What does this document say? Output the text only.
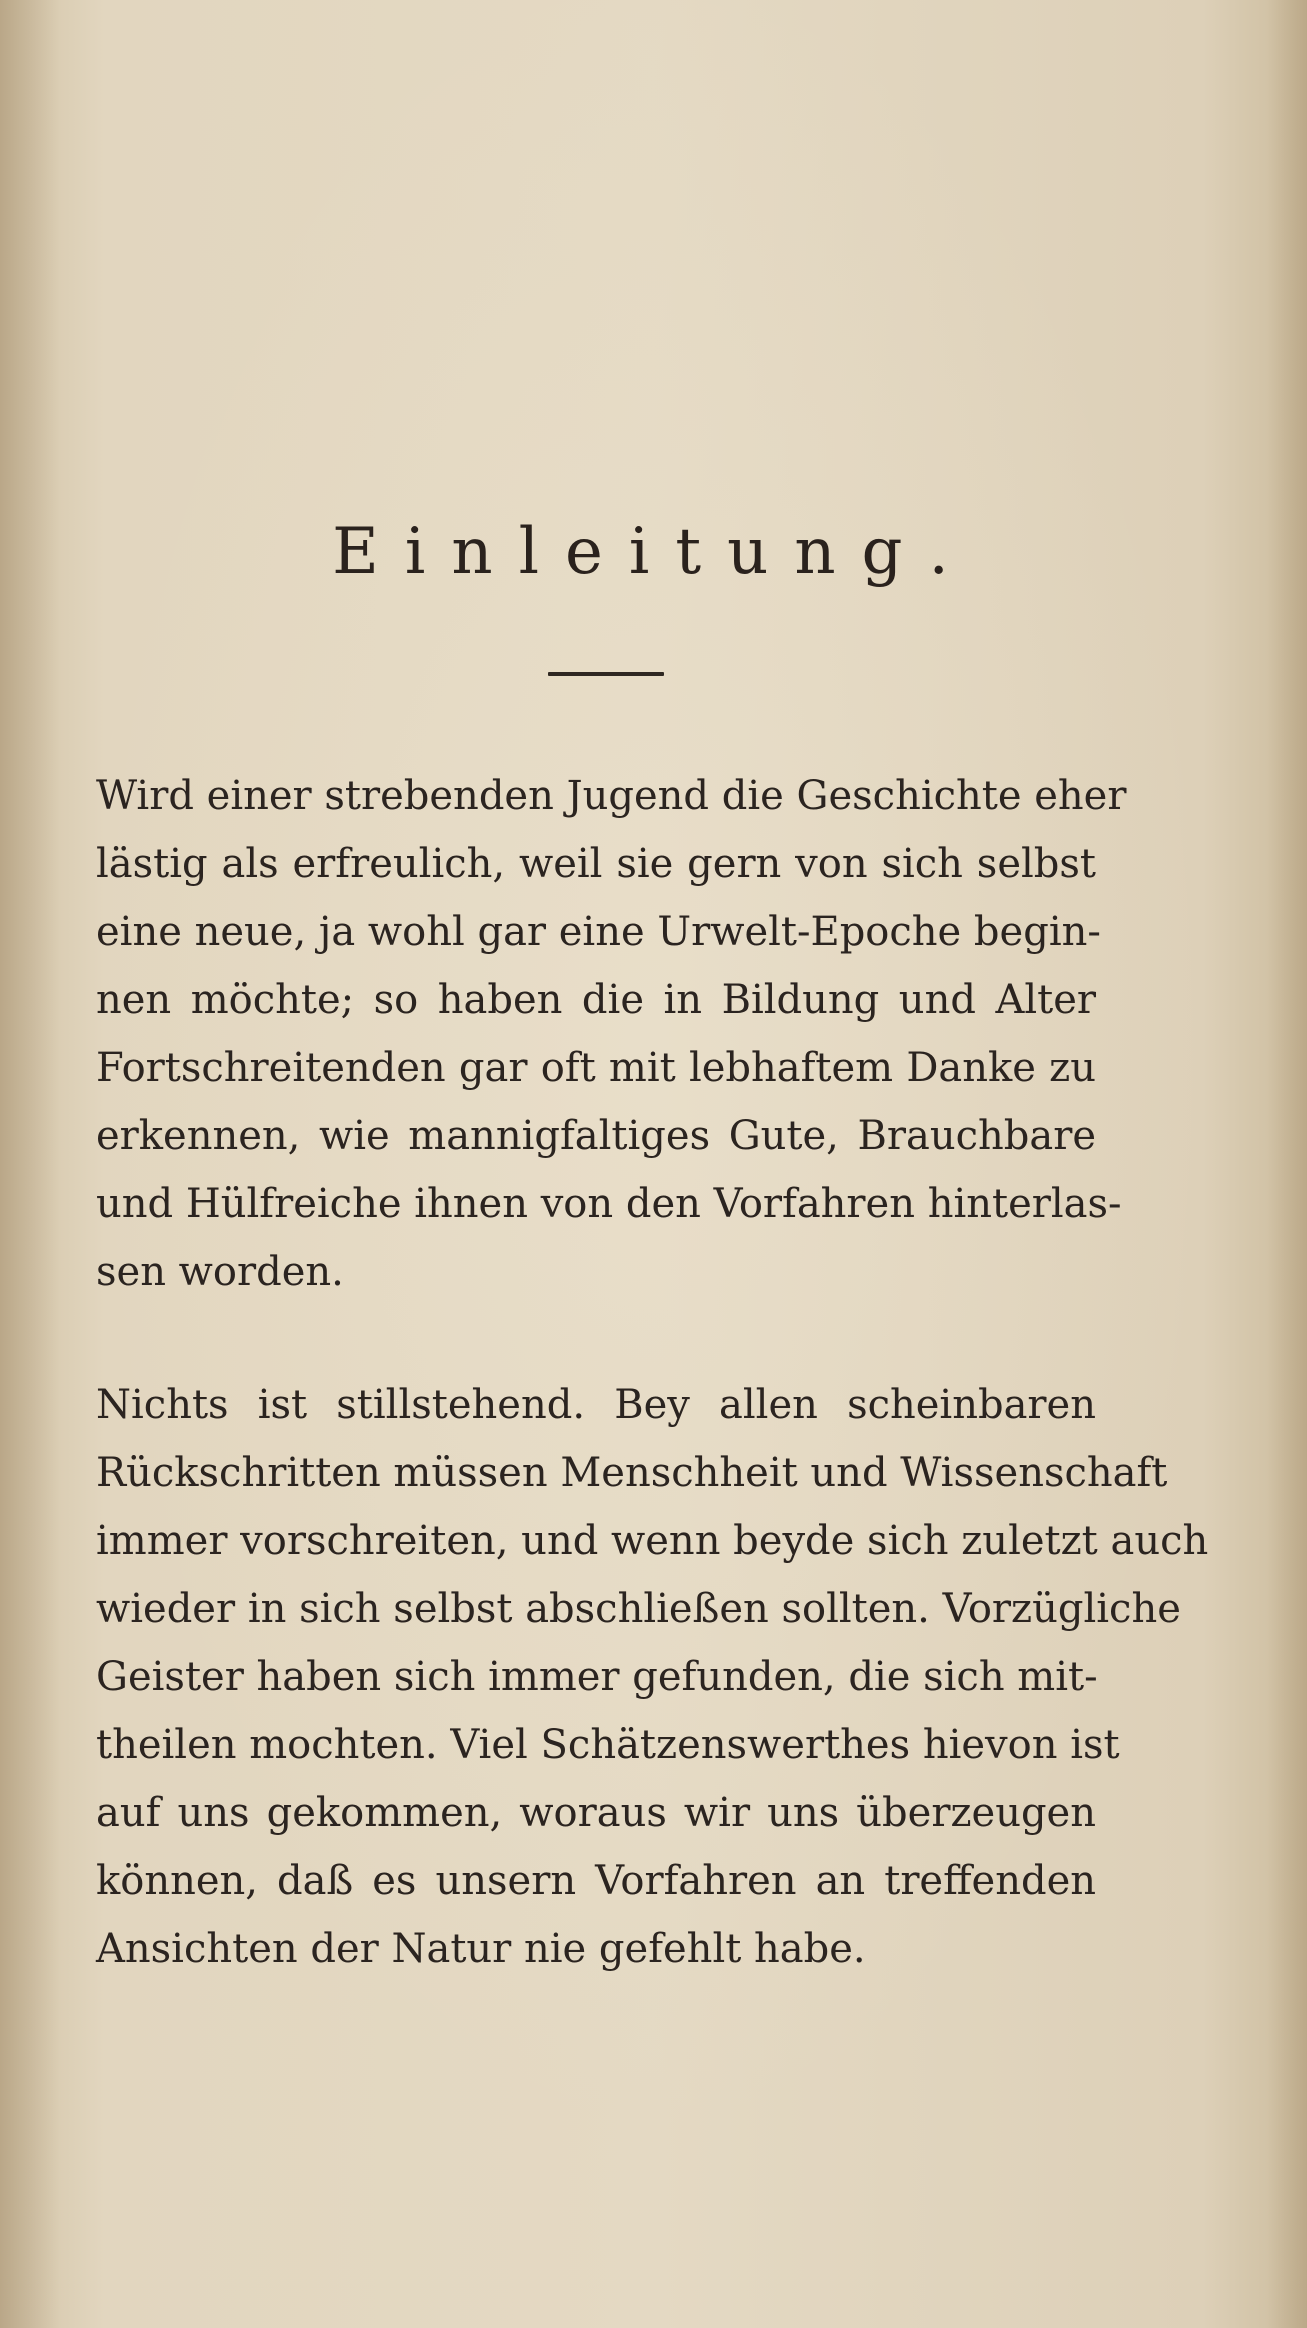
Einleitung.
Wird einer strebenden Jugend die Geschichte eher
lästig als erfreulich, weil sie gern von sich selbst
eine neue, ja wohl gar eine Urwelt-Epoche begin-
nen möchte; so haben die in Bildung und Alter
Fortschreitenden gar oft mit lebhaftem Danke zu
erkennen, wie mannigfaltiges Gute, Brauchbare
und Hülfreiche ihnen von den Vorfahren hinterlas-
sen worden.
Nichts ist stillstehend. Bey allen scheinbaren
Rückschritten müssen Menschheit und Wissenschaft
immer vorschreiten, und wenn beyde sich zuletzt auch
wieder in sich selbst abschließen sollten. Vorzügliche
Geister haben sich immer gefunden, die sich mit-
theilen mochten. Viel Schätzenswerthes hievon ist
auf uns gekommen, woraus wir uns überzeugen
können, daß es unsern Vorfahren an treffenden
Ansichten der Natur nie gefehlt habe.
